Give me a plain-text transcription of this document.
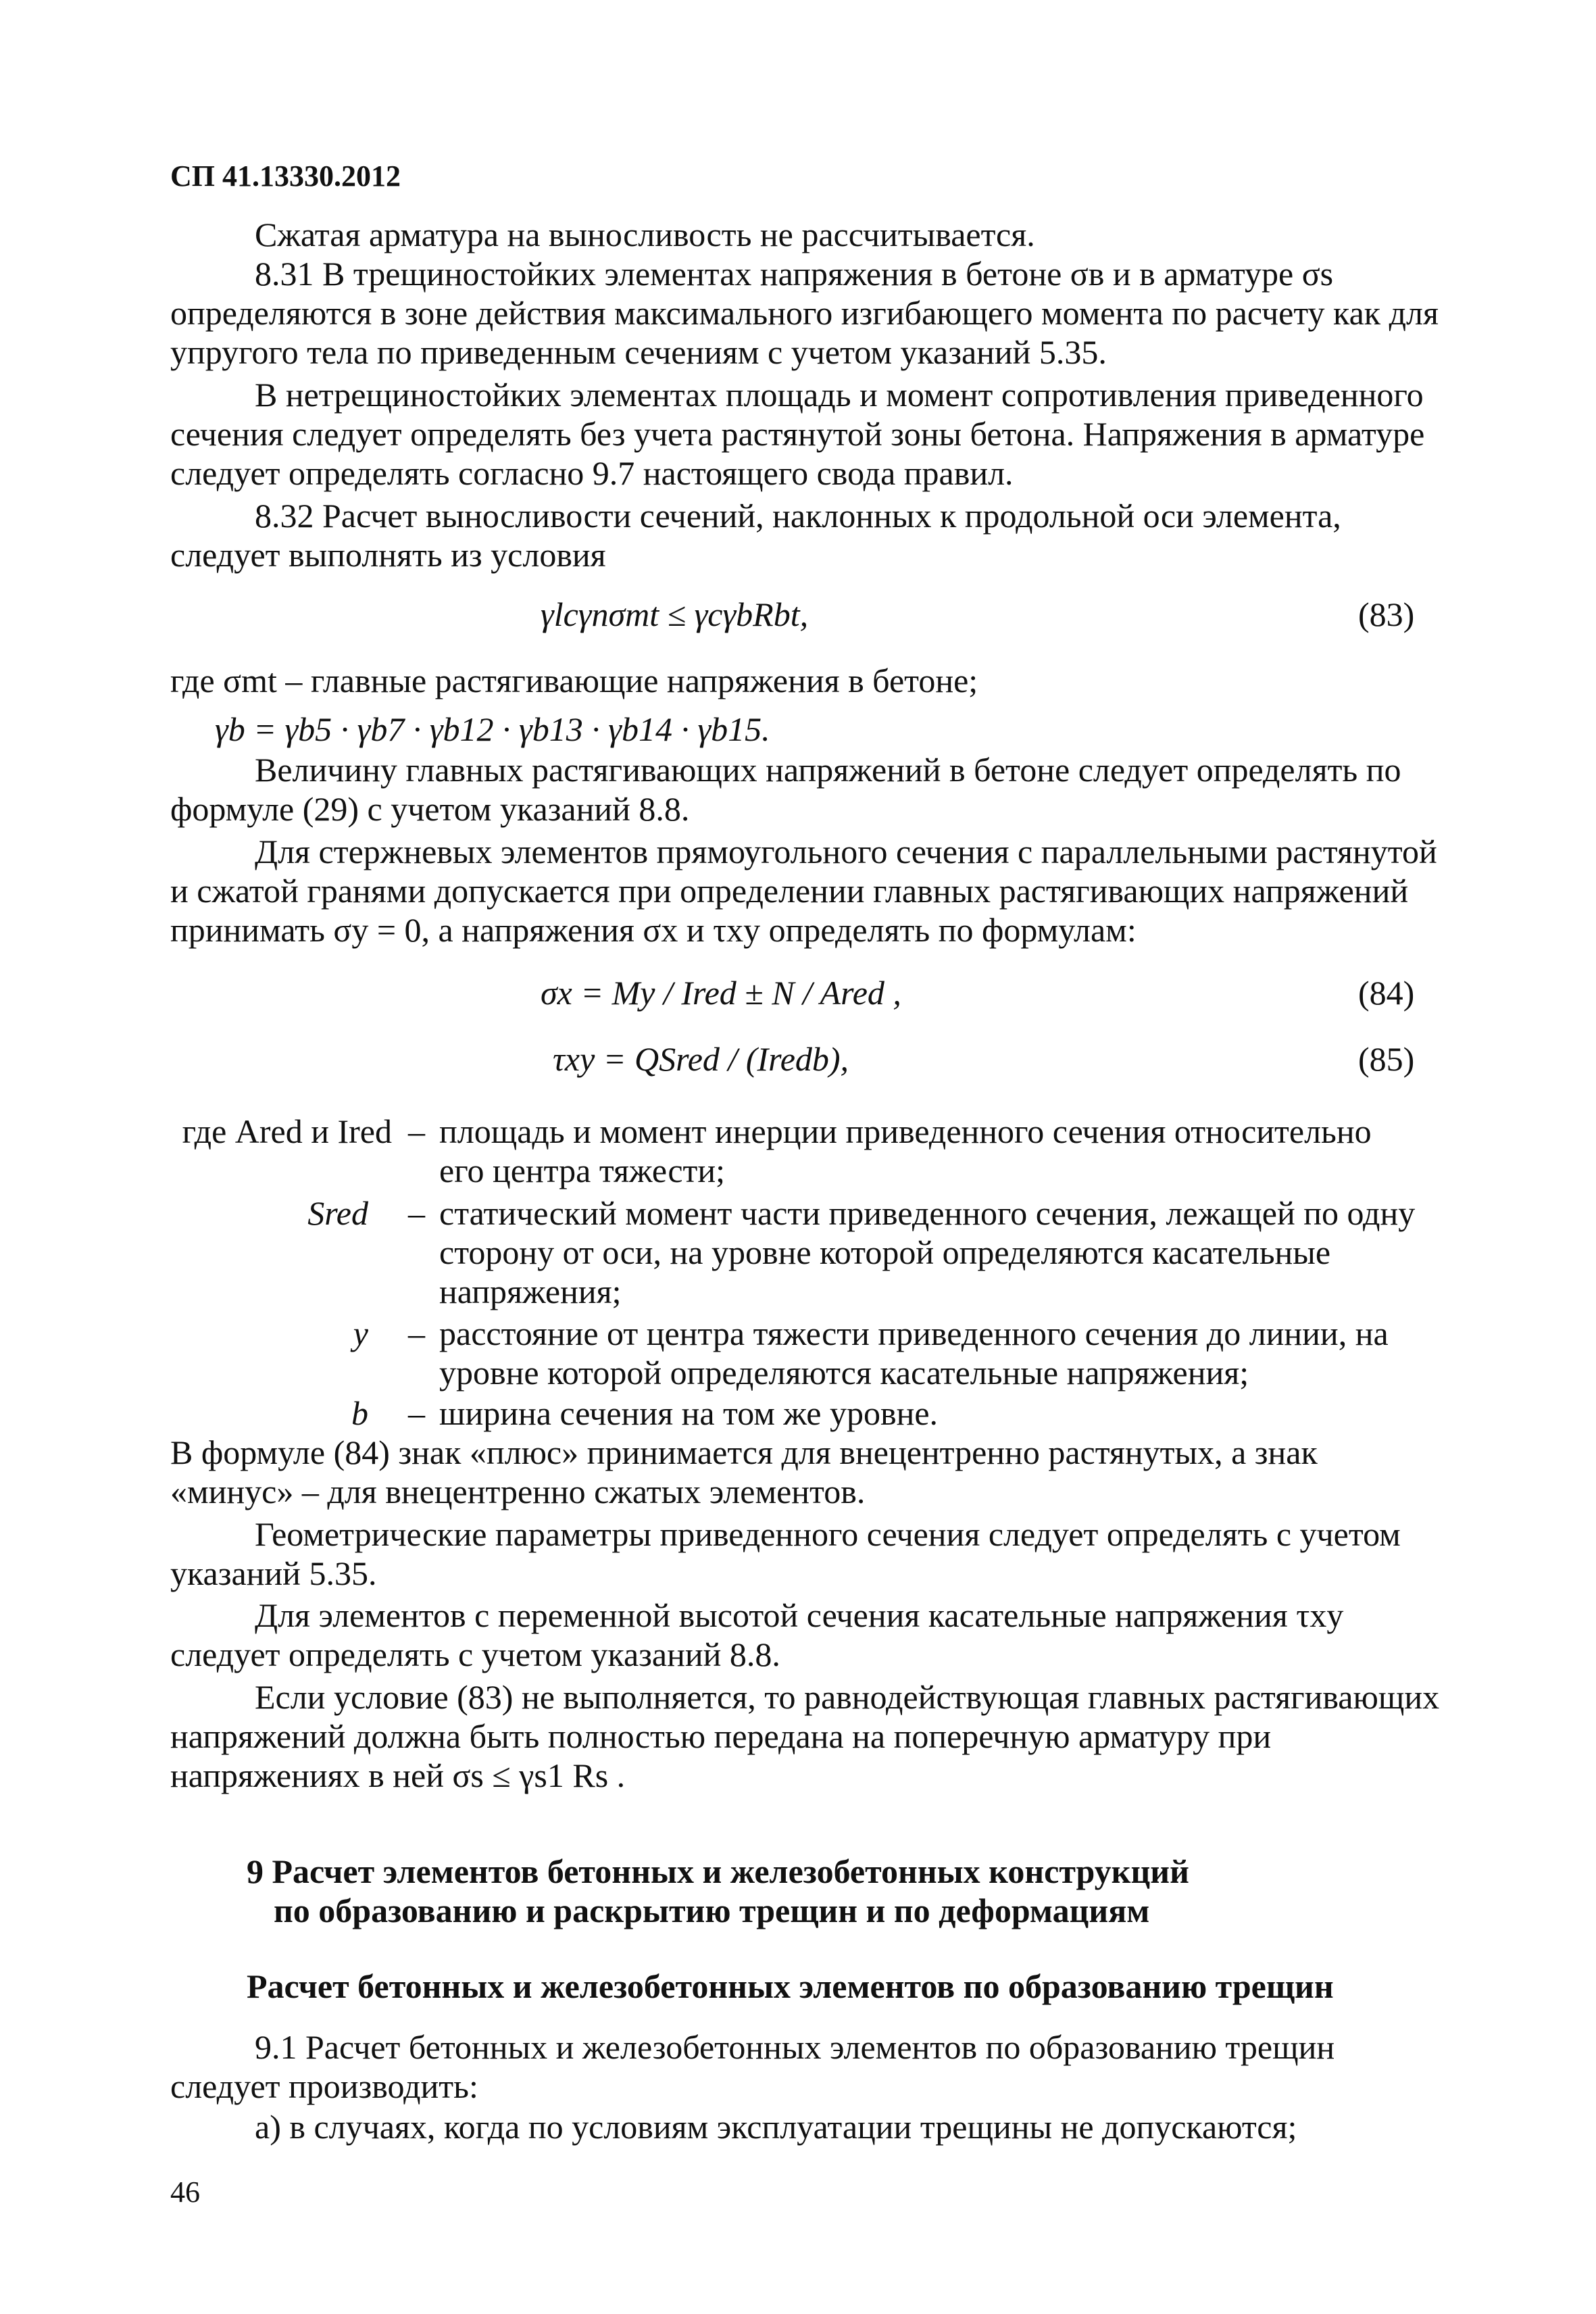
СП 41.13330.2012
Сжатая арматура на выносливость не рассчитывается.
8.31 В трещиностойких элементах напряжения в бетоне σв и в арматуре σs
определяются в зоне действия максимального изгибающего момента по расчету как для
упругого тела по приведенным сечениям с учетом указаний 5.35.
В нетрещиностойких элементах площадь и момент сопротивления приведенного
сечения следует определять без учета растянутой зоны бетона. Напряжения в арматуре
следует определять согласно 9.7 настоящего свода правил.
8.32 Расчет выносливости сечений, наклонных к продольной оси элемента,
следует выполнять из условия
γlcγnσmt ≤ γcγbRbt,	(83)
где σmt – главные растягивающие напряжения в бетоне;
γb = γb5 · γb7 · γb12 · γb13 · γb14 · γb15.
Величину главных растягивающих напряжений в бетоне следует определять по
формуле (29) с учетом указаний 8.8.
Для стержневых элементов прямоугольного сечения с параллельными растянутой
и сжатой гранями допускается при определении главных растягивающих напряжений
принимать σy = 0, а напряжения σx и τxy определять по формулам:
σx = My / Ired ± N / Ared ,	(84)
τxy = QSred / (Iredb),	(85)
где Ared и Ired – площадь и момент инерции приведенного сечения относительно
его центра тяжести;
Sred – статический момент части приведенного сечения, лежащей по одну
сторону от оси, на уровне которой определяются касательные
напряжения;
y – расстояние от центра тяжести приведенного сечения до линии, на
уровне которой определяются касательные напряжения;
b – ширина сечения на том же уровне.
В формуле (84) знак «плюс» принимается для внецентренно растянутых, а знак
«минус» – для внецентренно сжатых элементов.
Геометрические параметры приведенного сечения следует определять с учетом
указаний 5.35.
Для элементов с переменной высотой сечения касательные напряжения τxy
следует определять с учетом указаний 8.8.
Если условие (83) не выполняется, то равнодействующая главных растягивающих
напряжений должна быть полностью передана на поперечную арматуру при
напряжениях в ней σs ≤ γs1 Rs .
9 Расчет элементов бетонных и железобетонных конструкций
по образованию и раскрытию трещин и по деформациям
Расчет бетонных и железобетонных элементов по образованию трещин
9.1 Расчет бетонных и железобетонных элементов по образованию трещин
следует производить:
а) в случаях, когда по условиям эксплуатации трещины не допускаются;
46
